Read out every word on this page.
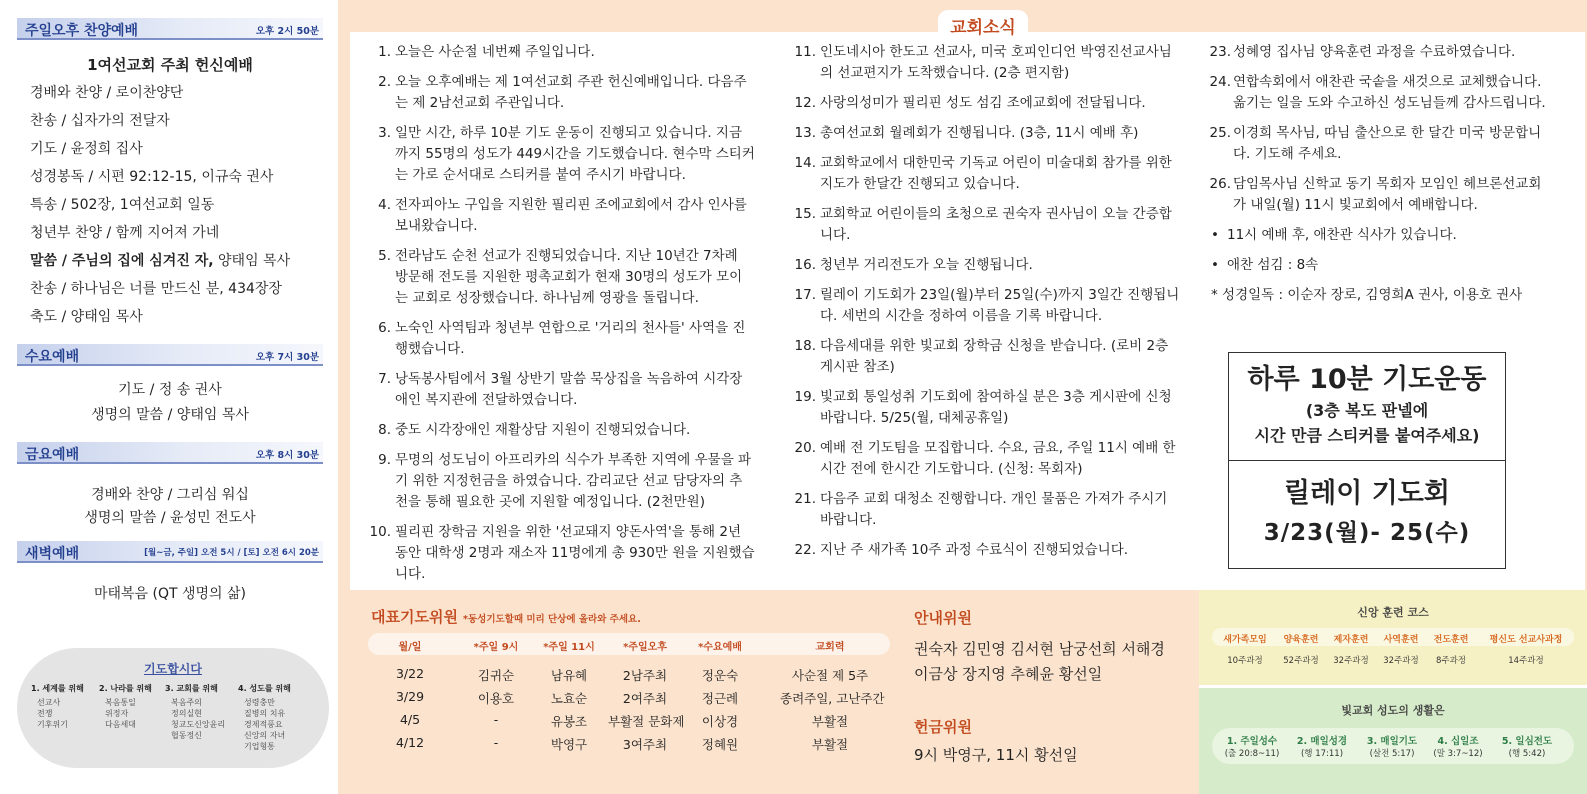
주일오후 찬양예배	오후 2시 50분
1여선교회 주최 헌신예배
경배와 찬양 / 로이찬양단
찬송 / 십자가의 전달자
기도 / 윤정희 집사
성경봉독 / 시편 92:12-15, 이규숙 권사
특송 / 502장, 1여선교회 일동
청년부 찬양 / 함께 지어져 가네
말씀 / 주님의 집에 심겨진 자, 양태임 목사
찬송 / 하나님은 너를 만드신 분, 434장장
축도 / 양태임 목사
수요예배	오후 7시 30분
기도 / 정 송 권사
생명의 말씀 / 양태임 목사
금요예배	오후 8시 30분
경배와 찬양 / 그리심 워십
생명의 말씀 / 윤성민 전도사
새벽예배	[월~금, 주일] 오전 5시 / [토] 오전 6시 20분
마태복음 (QT 생명의 삶)
기도합시다
1. 세계를 위해
선교사
전쟁
기후위기
2. 나라를 위해
복음통일
위정자
다음세대
3. 교회를 위해
복음주의
정의실현
청교도신앙윤리
협동정신
4. 성도를 위해
성령충만
질병의 치유
경제적풍요
신앙의 자녀
기업형통
교회소식
1. 오늘은 사순절 네번째 주일입니다.
2. 오늘 오후예배는 제 1여선교회 주관 헌신예배입니다. 다음주는 제 2남선교회 주관입니다.
3. 일만 시간, 하루 10분 기도 운동이 진행되고 있습니다. 지금까지 55명의 성도가 449시간을 기도했습니다. 현수막 스티커는 가로 순서대로 스티커를 붙여 주시기 바랍니다.
4. 전자피아노 구입을 지원한 필리핀 조에교회에서 감사 인사를 보내왔습니다.
5. 전라남도 순천 선교가 진행되었습니다. 지난 10년간 7차례 방문해 전도를 지원한 평촉교회가 현재 30명의 성도가 모이는 교회로 성장했습니다. 하나님께 영광을 돌립니다.
6. 노숙인 사역팀과 청년부 연합으로 '거리의 천사들' 사역을 진행했습니다.
7. 낭독봉사팀에서 3월 상반기 말씀 묵상집을 녹음하여 시각장애인 복지관에 전달하였습니다.
8. 중도 시각장애인 재활상담 지원이 진행되었습니다.
9. 무명의 성도님이 아프리카의 식수가 부족한 지역에 우물을 파기 위한 지정헌금을 하였습니다. 감리교단 선교 담당자의 추천을 통해 필요한 곳에 지원할 예정입니다. (2천만원)
10. 필리핀 장학금 지원을 위한 '선교돼지 양돈사역'을 통해 2년 동안 대학생 2명과 재소자 11명에게 총 930만 원을 지원했습니다.
11. 인도네시아 한도고 선교사, 미국 호피인디언 박영진선교사님의 선교편지가 도착했습니다. (2층 편지함)
12. 사랑의성미가 필리핀 성도 섬김 조에교회에 전달됩니다.
13. 총여선교회 월례회가 진행됩니다. (3층, 11시 예배 후)
14. 교회학교에서 대한민국 기독교 어린이 미술대회 참가를 위한 지도가 한달간 진행되고 있습니다.
15. 교회학교 어린이들의 초청으로 권숙자 권사님이 오늘 간증합니다.
16. 청년부 거리전도가 오늘 진행됩니다.
17. 릴레이 기도회가 23일(월)부터 25일(수)까지 3일간 진행됩니다. 세번의 시간을 정하여 이름을 기록 바랍니다.
18. 다음세대를 위한 빛교회 장학금 신청을 받습니다. (로비 2층 게시판 참조)
19. 빛교회 통일성취 기도회에 참여하실 분은 3층 게시판에 신청바랍니다. 5/25(월, 대체공휴일)
20. 예배 전 기도팀을 모집합니다. 수요, 금요, 주일 11시 예배 한시간 전에 한시간 기도합니다. (신청: 목회자)
21. 다음주 교회 대청소 진행합니다. 개인 물품은 가져가 주시기 바랍니다.
22. 지난 주 새가족 10주 과정 수료식이 진행되었습니다.
23. 성혜영 집사님 양육훈련 과정을 수료하였습니다.
24. 연합속회에서 애찬관 국솥을 새것으로 교체했습니다. 옮기는 일을 도와 수고하신 성도님들께 감사드립니다.
25. 이경희 목사님, 따님 출산으로 한 달간 미국 방문합니다. 기도해 주세요.
26. 담임목사님 신학교 동기 목회자 모임인 헤브론선교회가 내일(월) 11시 빛교회에서 예배합니다.
• 11시 예배 후, 애찬관 식사가 있습니다.
• 애찬 섬김 : 8속
* 성경일독 : 이순자 장로, 김영희A 권사, 이용호 권사
하루 10분 기도운동
(3층 복도 판넬에
시간 만큼 스티커를 붙여주세요)
릴레이 기도회
3/23(월)- 25(수)
대표기도위원 *동성기도할때 미리 단상에 올라와 주세요.
월/일	*주일 9시	*주일 11시	*주일오후	*수요예배	교회력
3/22	김귀순	남유혜	2남주최	정운숙	사순절 제 5주
3/29	이용호	노효순	2여주최	정근례	종려주일, 고난주간
4/5	-	유봉조	부활절 문화제	이상경	부활절
4/12	-	박영구	3여주최	정혜원	부활절
안내위원
권숙자 김민영 김서현 남궁선희 서해경
이금상 장지영 추혜윤 황선일
헌금위원
9시 박영구, 11시 황선일
신앙 훈련 코스
새가족모임	양육훈련	제자훈련	사역훈련	전도훈련	평신도 선교사과정
10주과정	52주과정	32주과정	32주과정	8주과정	14주과정
빛교회 성도의 생활은
1. 주일성수	2. 매일성경	3. 매일기도	4. 십일조	5. 일심전도
(출 20:8~11)	(행 17:11)	(살전 5:17)	(말 3:7~12)	(행 5:42)
